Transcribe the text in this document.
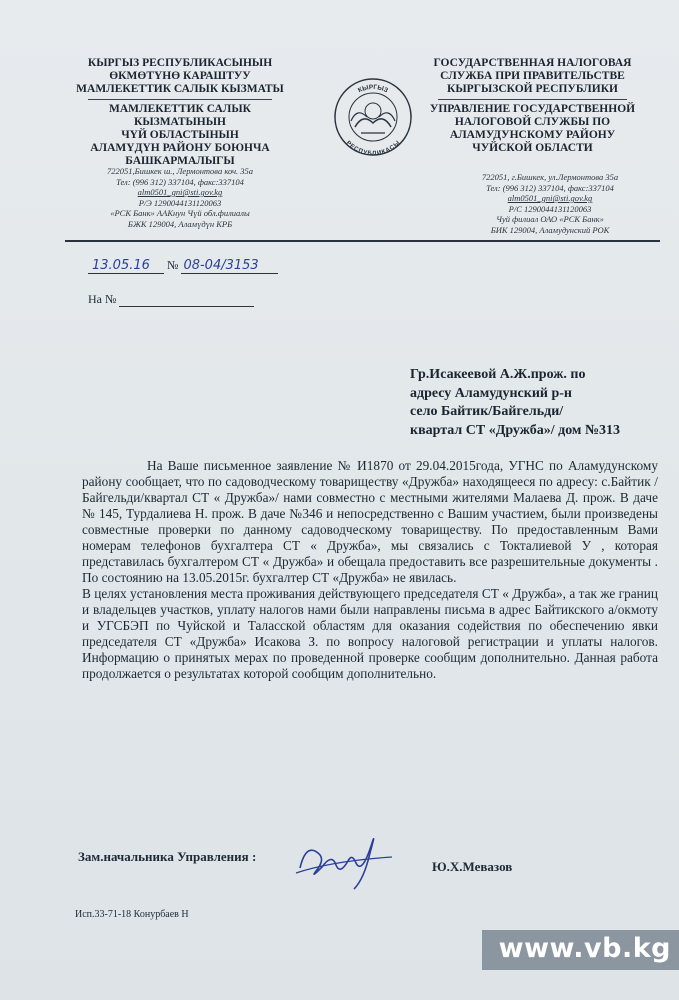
КЫРГЫЗ РЕСПУБЛИКАСЫНЫН
ӨКМӨТҮНӨ КАРАШТУУ
МАМЛЕКЕТТИК САЛЫК КЫЗМАТЫ
МАМЛЕКЕТТИК САЛЫК КЫЗМАТЫНЫН
ЧҮЙ ОБЛАСТЫНЫН
АЛАМҮДҮН РАЙОНУ БОЮНЧА
БАШКАРМАЛЫГЫ
722051,Бишкек ш., Лермонтова коч. 35а
Тел: (996 312) 337104, факс:337104
alm0501_gni@sti.gov.kg
Р/Э 1290044131120063
«РСК Банк» ААКнун Чүй обл.филиалы
БЖК 129004, Аламүдүн КРБ
КЫРГЫЗ
РЕСПУБЛИКАСЫ
ГОСУДАРСТВЕННАЯ НАЛОГОВАЯ
СЛУЖБА ПРИ ПРАВИТЕЛЬСТВЕ
КЫРГЫЗСКОЙ РЕСПУБЛИКИ
УПРАВЛЕНИЕ ГОСУДАРСТВЕННОЙ
НАЛОГОВОЙ СЛУЖБЫ ПО
АЛАМУДУНСКОМУ РАЙОНУ
ЧУЙСКОЙ ОБЛАСТИ
722051, г.Бишкек, ул.Лермонтова 35а
Тел: (996 312) 337104, факс:337104
alm0501_gni@sti.gov.kg
Р/С 1290044131120063
Чуй филиал ОАО «РСК Банк»
БИК 129004, Аламудунский РОК
13.05.16 № 08-04/3153
На №
Гр.Исакеевой А.Ж.прож. по
адресу Аламудунский р-н
село Байтик/Байгельди/
квартал СТ «Дружба»/ дом №313

На Ваше письменное заявление № И1870 от 29.04.2015года, УГНС по Аламудунскому району сообщает, что по садоводческому товариществу «Дружба» находящееся по адресу: с.Байтик /Байгельди/квартал СТ « Дружба»/ нами совместно с местными жителями Малаева Д. прож. В даче № 145, Турдалиева Н. прож. В даче №346 и непосредственно с Вашим участием, были произведены совместные проверки по данному садоводческому товариществу. По предоставленным Вами номерам телефонов бухгалтера СТ « Дружба», мы связались с Токталиевой У , которая представилась бухгалтером СТ « Дружба» и обещала предоставить все разрешительные документы . По состоянию на 13.05.2015г. бухгалтер СТ «Дружба» не явилась.

В целях установления места проживания действующего председателя СТ « Дружба», а так же границ и владельцев участков, уплату налогов нами были направлены письма в адрес Байтикского а/окмоту и УГСБЭП по Чуйской и Таласской областям для оказания содействия по обеспечению явки председателя СТ «Дружба» Исакова З. по вопросу налоговой регистрации и уплаты налогов. Информацию о принятых мерах по проведенной проверке сообщим дополнительно. Данная работа продолжается о результатах которой сообщим дополнительно.

Зам.начальника Управления :
Ю.Х.Мевазов
Исп.33-71-18 Конурбаев Н
www.vb.kg
